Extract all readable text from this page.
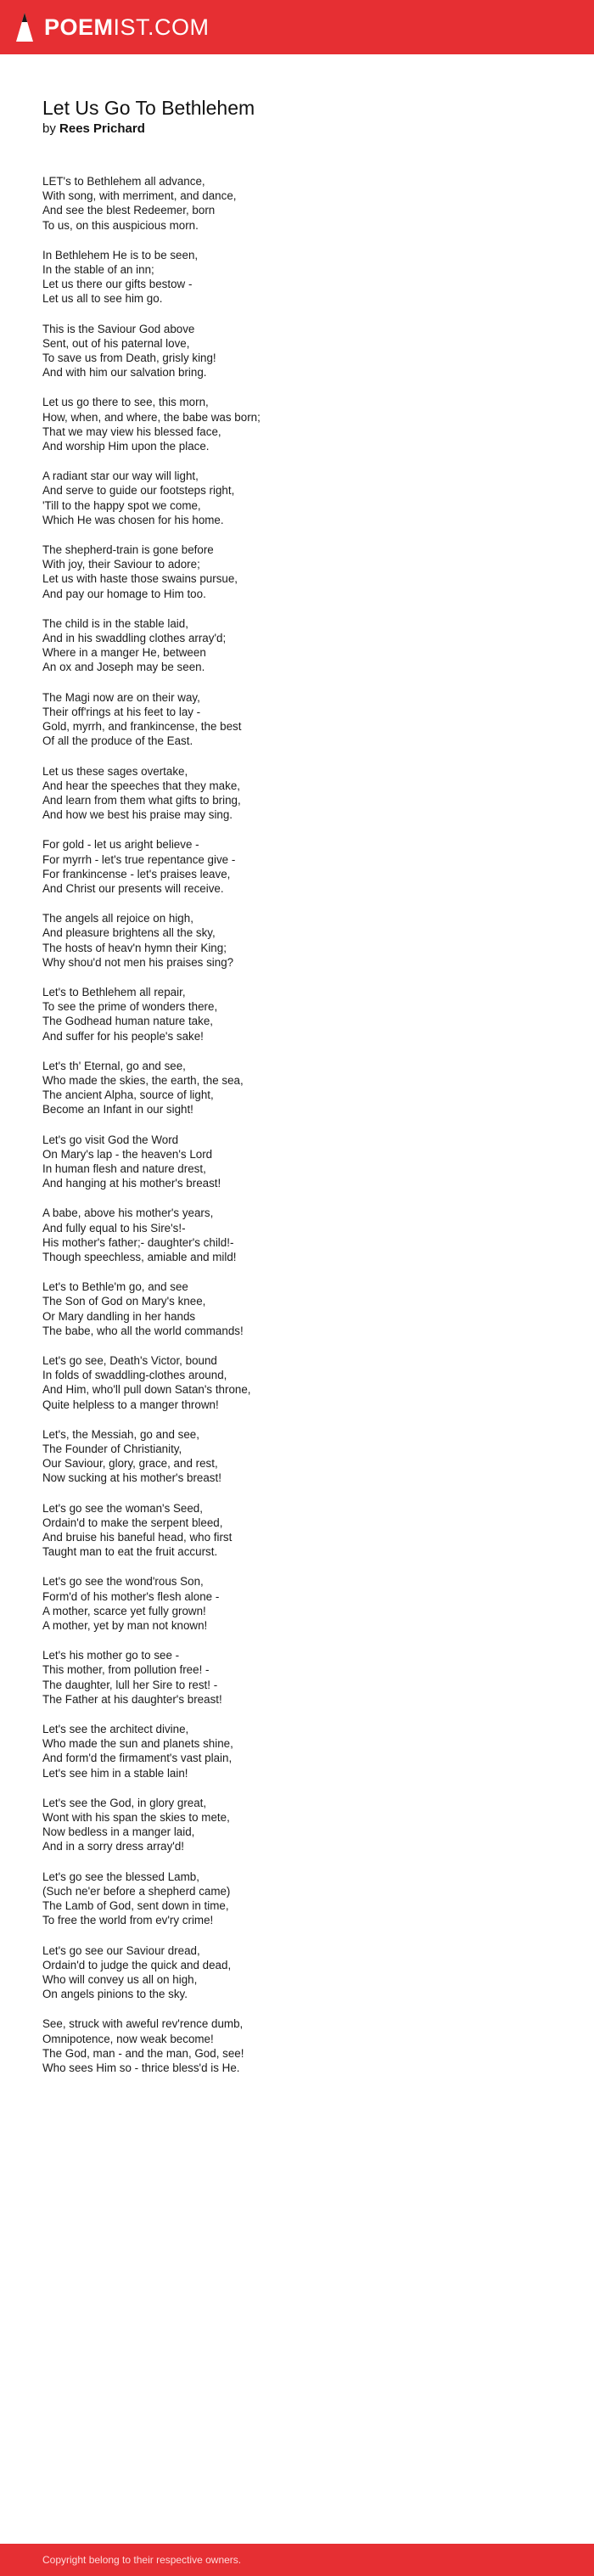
POEMIST.COM
Let Us Go To Bethlehem
by Rees Prichard
LET's to Bethlehem all advance,
With song, with merriment, and dance,
And see the blest Redeemer, born
To us, on this auspicious morn.
In Bethlehem He is to be seen,
In the stable of an inn;
Let us there our gifts bestow -
Let us all to see him go.
This is the Saviour God above
Sent, out of his paternal love,
To save us from Death, grisly king!
And with him our salvation bring.
Let us go there to see, this morn,
How, when, and where, the babe was born;
That we may view his blessed face,
And worship Him upon the place.
A radiant star our way will light,
And serve to guide our footsteps right,
'Till to the happy spot we come,
Which He was chosen for his home.
The shepherd-train is gone before
With joy, their Saviour to adore;
Let us with haste those swains pursue,
And pay our homage to Him too.
The child is in the stable laid,
And in his swaddling clothes array'd;
Where in a manger He, between
An ox and Joseph may be seen.
The Magi now are on their way,
Their off'rings at his feet to lay -
Gold, myrrh, and frankincense, the best
Of all the produce of the East.
Let us these sages overtake,
And hear the speeches that they make,
And learn from them what gifts to bring,
And how we best his praise may sing.
For gold - let us aright believe -
For myrrh - let's true repentance give -
For frankincense - let's praises leave,
And Christ our presents will receive.
The angels all rejoice on high,
And pleasure brightens all the sky,
The hosts of heav'n hymn their King;
Why shou'd not men his praises sing?
Let's to Bethlehem all repair,
To see the prime of wonders there,
The Godhead human nature take,
And suffer for his people's sake!
Let's th' Eternal, go and see,
Who made the skies, the earth, the sea,
The ancient Alpha, source of light,
Become an Infant in our sight!
Let's go visit God the Word
On Mary's lap - the heaven's Lord
In human flesh and nature drest,
And hanging at his mother's breast!
A babe, above his mother's years,
And fully equal to his Sire's!-
His mother's father;- daughter's child!-
Though speechless, amiable and mild!
Let's to Bethle'm go, and see
The Son of God on Mary's knee,
Or Mary dandling in her hands
The babe, who all the world commands!
Let's go see, Death's Victor, bound
In folds of swaddling-clothes around,
And Him, who'll pull down Satan's throne,
Quite helpless to a manger thrown!
Let's, the Messiah, go and see,
The Founder of Christianity,
Our Saviour, glory, grace, and rest,
Now sucking at his mother's breast!
Let's go see the woman's Seed,
Ordain'd to make the serpent bleed,
And bruise his baneful head, who first
Taught man to eat the fruit accurst.
Let's go see the wond'rous Son,
Form'd of his mother's flesh alone -
A mother, scarce yet fully grown!
A mother, yet by man not known!
Let's his mother go to see -
This mother, from pollution free! -
The daughter, lull her Sire to rest! -
The Father at his daughter's breast!
Let's see the architect divine,
Who made the sun and planets shine,
And form'd the firmament's vast plain,
Let's see him in a stable lain!
Let's see the God, in glory great,
Wont with his span the skies to mete,
Now bedless in a manger laid,
And in a sorry dress array'd!
Let's go see the blessed Lamb,
(Such ne'er before a shepherd came)
The Lamb of God, sent down in time,
To free the world from ev'ry crime!
Let's go see our Saviour dread,
Ordain'd to judge the quick and dead,
Who will convey us all on high,
On angels pinions to the sky.
See, struck with aweful rev'rence dumb,
Omnipotence, now weak become!
The God, man - and the man, God, see!
Who sees Him so - thrice bless'd is He.
Copyright belong to their respective owners.
